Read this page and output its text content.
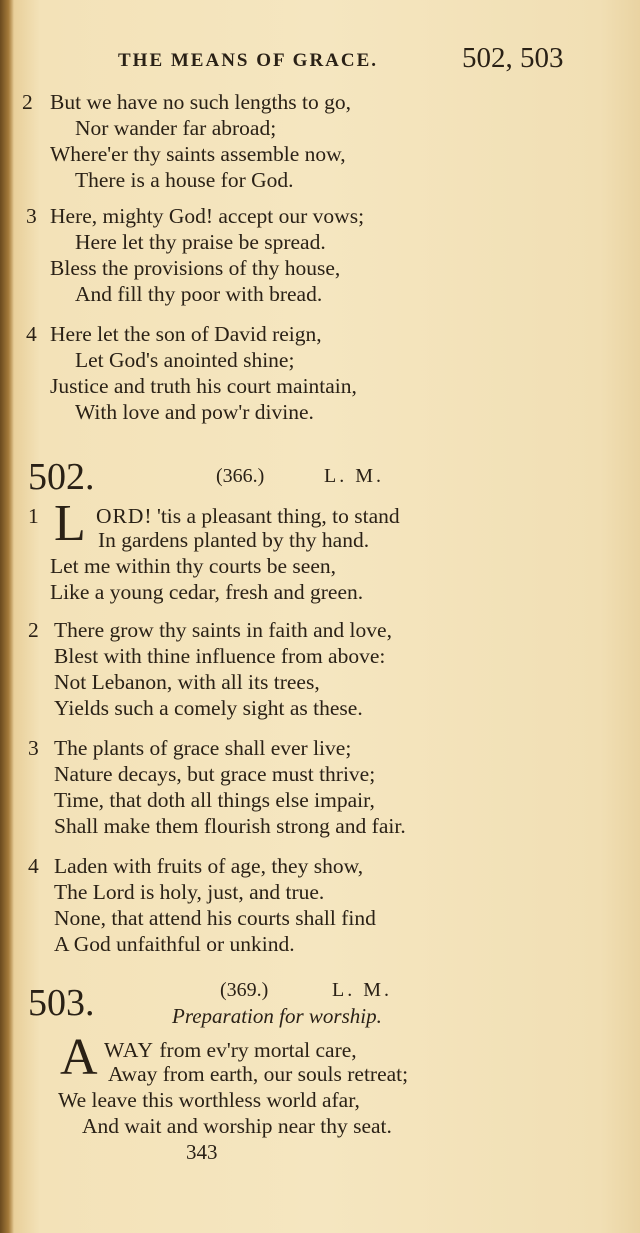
THE MEANS OF GRACE.	502, 503
2 But we have no such lengths to go,
Nor wander far abroad;
Where'er thy saints assemble now,
There is a house for God.
3 Here, mighty God! accept our vows;
Here let thy praise be spread.
Bless the provisions of thy house,
And fill thy poor with bread.
4 Here let the son of David reign,
Let God's anointed shine;
Justice and truth his court maintain,
With love and pow'r divine.
502.	(366.)	L. M.
1 L ORD! 'tis a pleasant thing, to stand
In gardens planted by thy hand.
Let me within thy courts be seen,
Like a young cedar, fresh and green.
2 There grow thy saints in faith and love,
Blest with thine influence from above:
Not Lebanon, with all its trees,
Yields such a comely sight as these.
3 The plants of grace shall ever live;
Nature decays, but grace must thrive;
Time, that doth all things else impair,
Shall make them flourish strong and fair.
4 Laden with fruits of age, they show,
The Lord is holy, just, and true.
None, that attend his courts shall find
A God unfaithful or unkind.
503.	(369.)	L. M.
Preparation for worship.
A WAY from ev'ry mortal care,
Away from earth, our souls retreat;
We leave this worthless world afar,
And wait and worship near thy seat.
343
